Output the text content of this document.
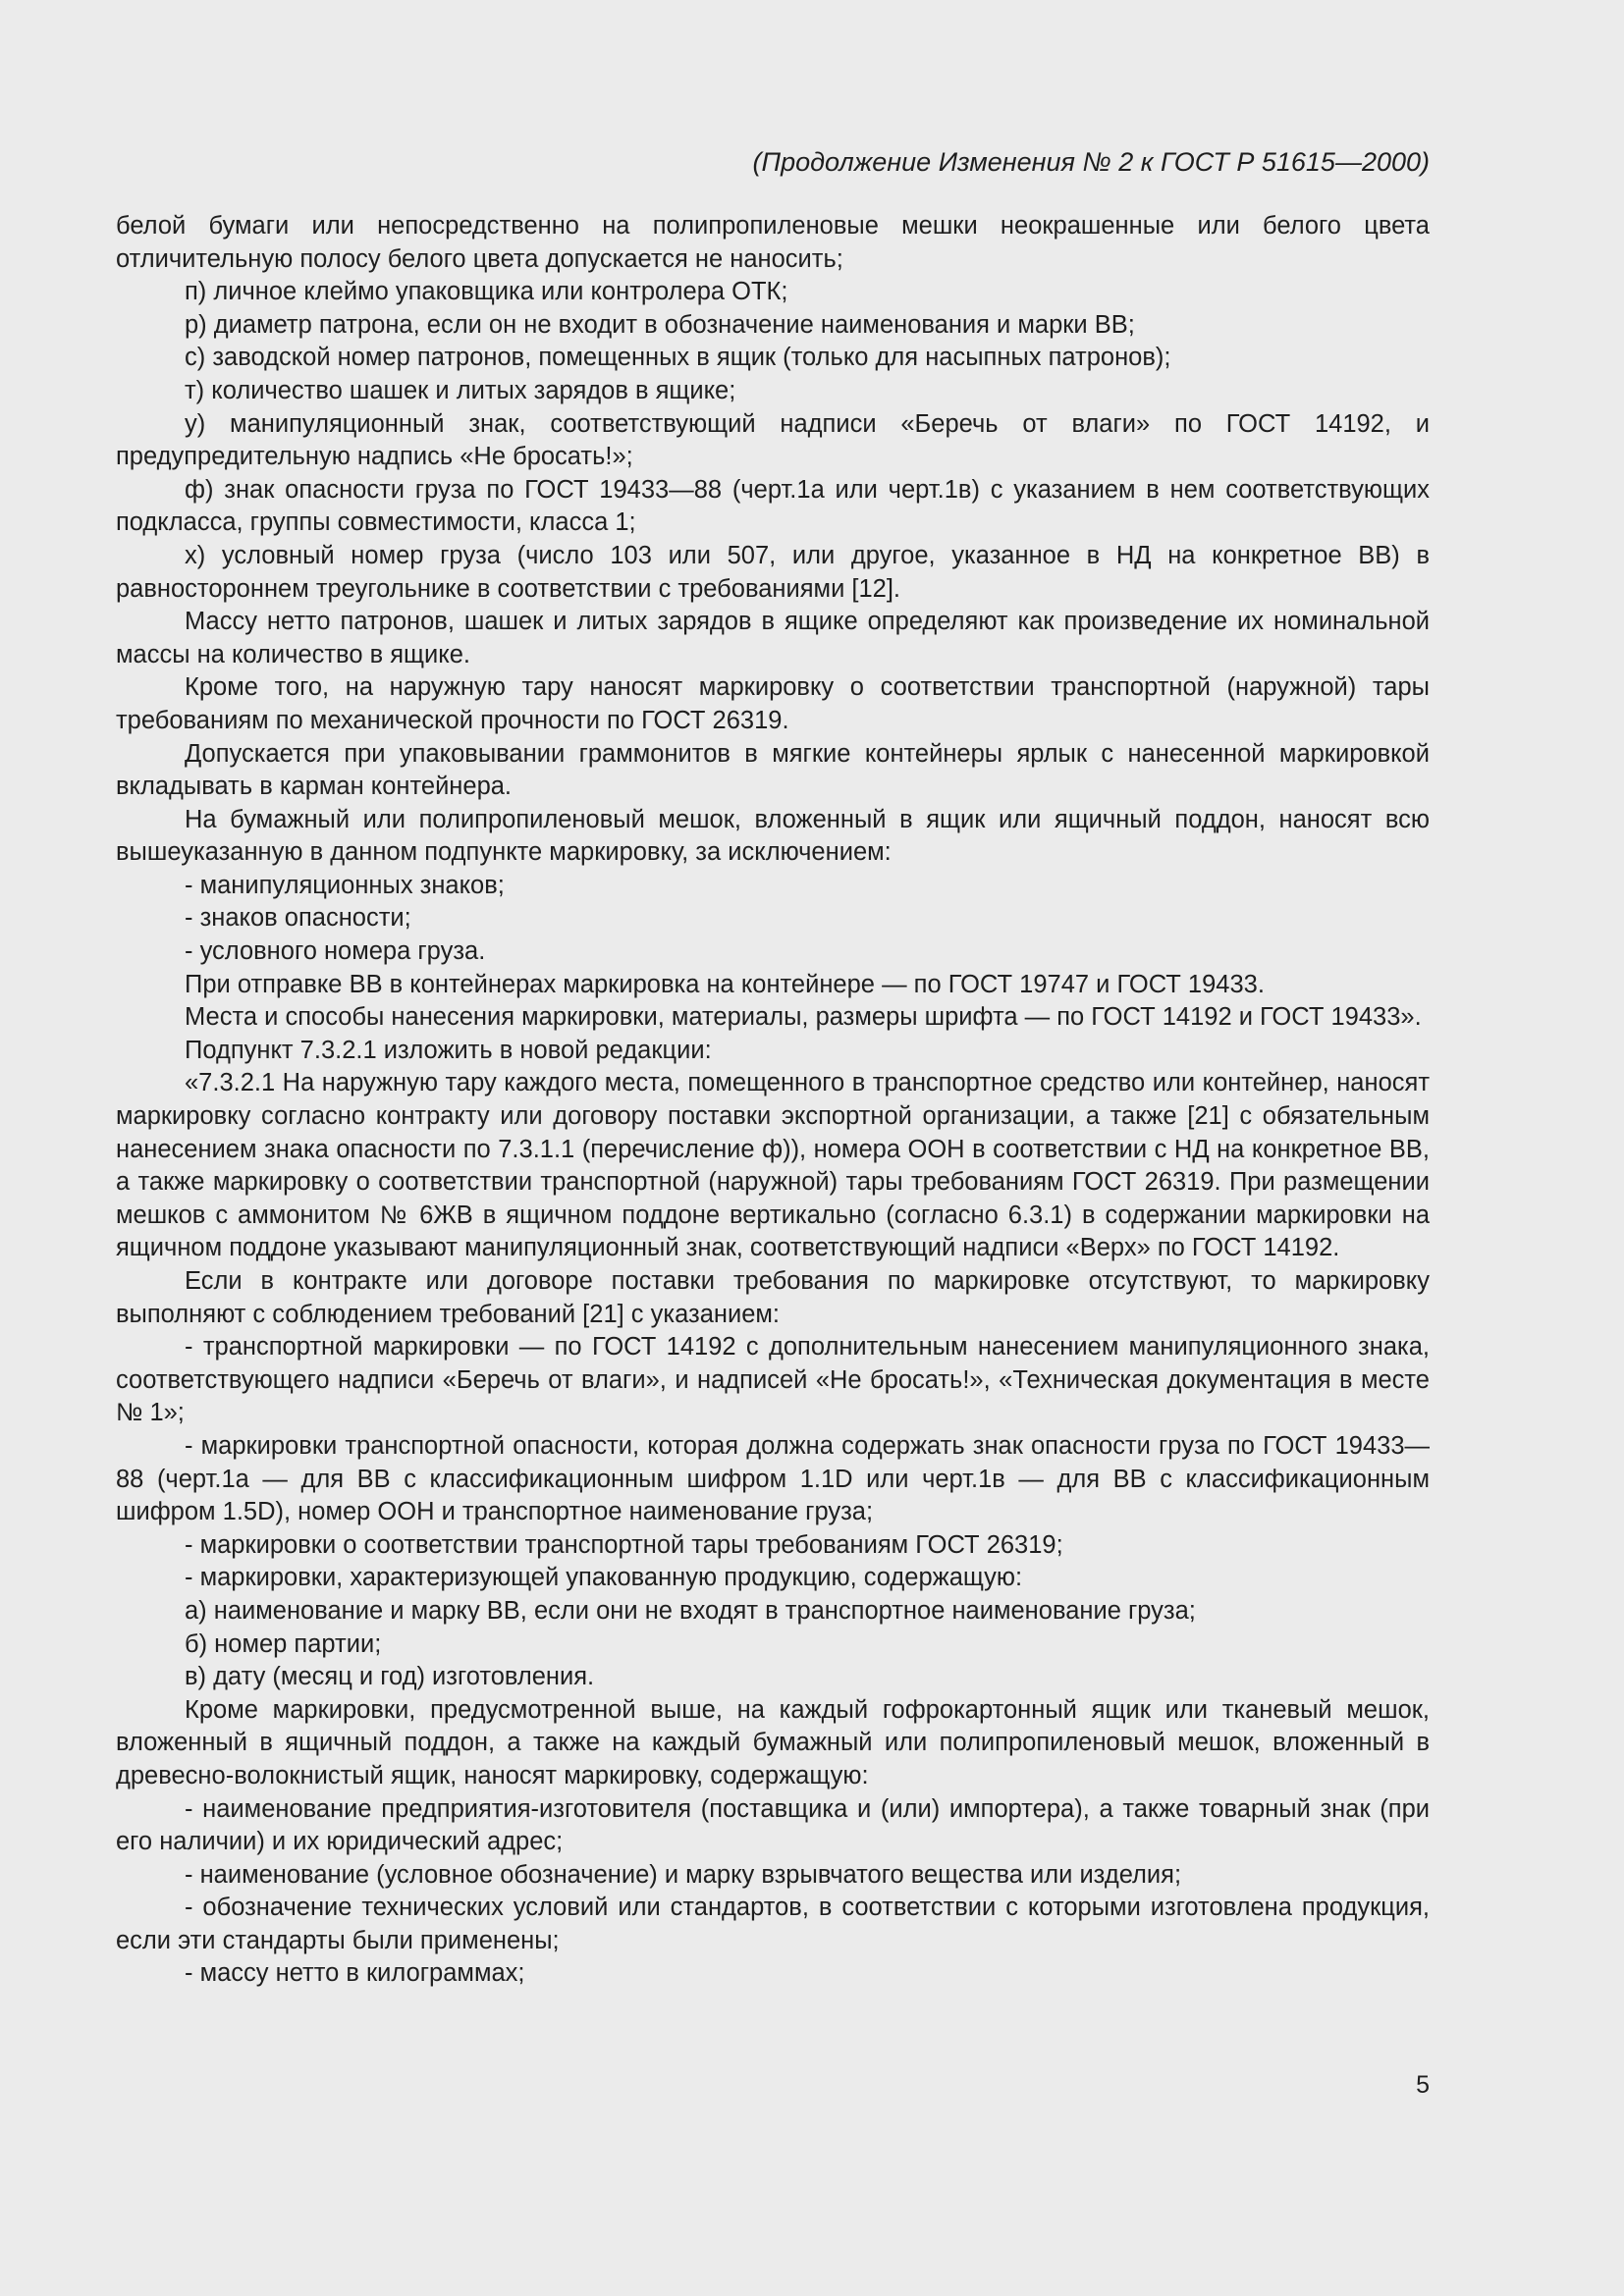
(Продолжение Изменения № 2 к ГОСТ Р 51615—2000)

белой бумаги или непосредственно на полипропиленовые мешки неокрашенные или белого цвета отличительную полосу белого цвета допускается не наносить;

п) личное клеймо упаковщика или контролера ОТК;

р) диаметр патрона, если он не входит в обозначение наименования и марки ВВ;

с) заводской номер патронов, помещенных в ящик (только для насыпных патронов);

т) количество шашек и литых зарядов в ящике;

у) манипуляционный знак, соответствующий надписи «Беречь от влаги» по ГОСТ 14192, и предупредительную надпись «Не бросать!»;

ф) знак опасности груза по ГОСТ 19433—88 (черт.1а или черт.1в) с указанием в нем соответствующих подкласса, группы совместимости, класса 1;

х) условный номер груза (число 103 или 507, или другое, указанное в НД на конкретное ВВ) в равностороннем треугольнике в соответствии с требованиями [12].

Массу нетто патронов, шашек и литых зарядов в ящике определяют как произведение их номинальной массы на количество в ящике.

Кроме того, на наружную тару наносят маркировку о соответствии транспортной (наружной) тары требованиям по механической прочности по ГОСТ 26319.

Допускается при упаковывании граммонитов в мягкие контейнеры ярлык с нанесенной маркировкой вкладывать в карман контейнера.

На бумажный или полипропиленовый мешок, вложенный в ящик или ящичный поддон, наносят всю вышеуказанную в данном подпункте маркировку, за исключением:

- манипуляционных знаков;

- знаков опасности;

- условного номера груза.

При отправке ВВ в контейнерах маркировка на контейнере — по ГОСТ 19747 и ГОСТ 19433.

Места и способы нанесения маркировки, материалы, размеры шрифта — по ГОСТ 14192 и ГОСТ 19433».

Подпункт 7.3.2.1 изложить в новой редакции:

«7.3.2.1 На наружную тару каждого места, помещенного в транспортное средство или контейнер, наносят маркировку согласно контракту или договору поставки экспортной организации, а также [21] с обязательным нанесением знака опасности по 7.3.1.1 (перечисление ф)), номера ООН в соответствии с НД на конкретное ВВ, а также маркировку о соответствии транспортной (наружной) тары требованиям ГОСТ 26319. При размещении мешков с аммонитом № 6ЖВ в ящичном поддоне вертикально (согласно 6.3.1) в содержании маркировки на ящичном поддоне указывают манипуляционный знак, соответствующий надписи «Верх» по ГОСТ 14192.

Если в контракте или договоре поставки требования по маркировке отсутствуют, то маркировку выполняют с соблюдением требований [21] с указанием:

- транспортной маркировки — по ГОСТ 14192 с дополнительным нанесением манипуляционного знака, соответствующего надписи «Беречь от влаги», и надписей «Не бросать!», «Техническая документация в месте № 1»;

- маркировки транспортной опасности, которая должна содержать знак опасности груза по ГОСТ 19433—88 (черт.1а — для ВВ с классификационным шифром 1.1D или черт.1в — для ВВ с классификационным шифром 1.5D), номер ООН и транспортное наименование груза;

- маркировки о соответствии транспортной тары требованиям ГОСТ 26319;

- маркировки, характеризующей упакованную продукцию, содержащую:

а) наименование и марку ВВ, если они не входят в транспортное наименование груза;

б) номер партии;

в) дату (месяц и год) изготовления.

Кроме маркировки, предусмотренной выше, на каждый гофрокартонный ящик или тканевый мешок, вложенный в ящичный поддон, а также на каждый бумажный или полипропиленовый мешок, вложенный в древесно-волокнистый ящик, наносят маркировку, содержащую:

- наименование предприятия-изготовителя (поставщика и (или) импортера), а также товарный знак (при его наличии) и их юридический адрес;

- наименование (условное обозначение) и марку взрывчатого вещества или изделия;

- обозначение технических условий или стандартов, в соответствии с которыми изготовлена продукция, если эти стандарты были применены;

- массу нетто в килограммах;

5
